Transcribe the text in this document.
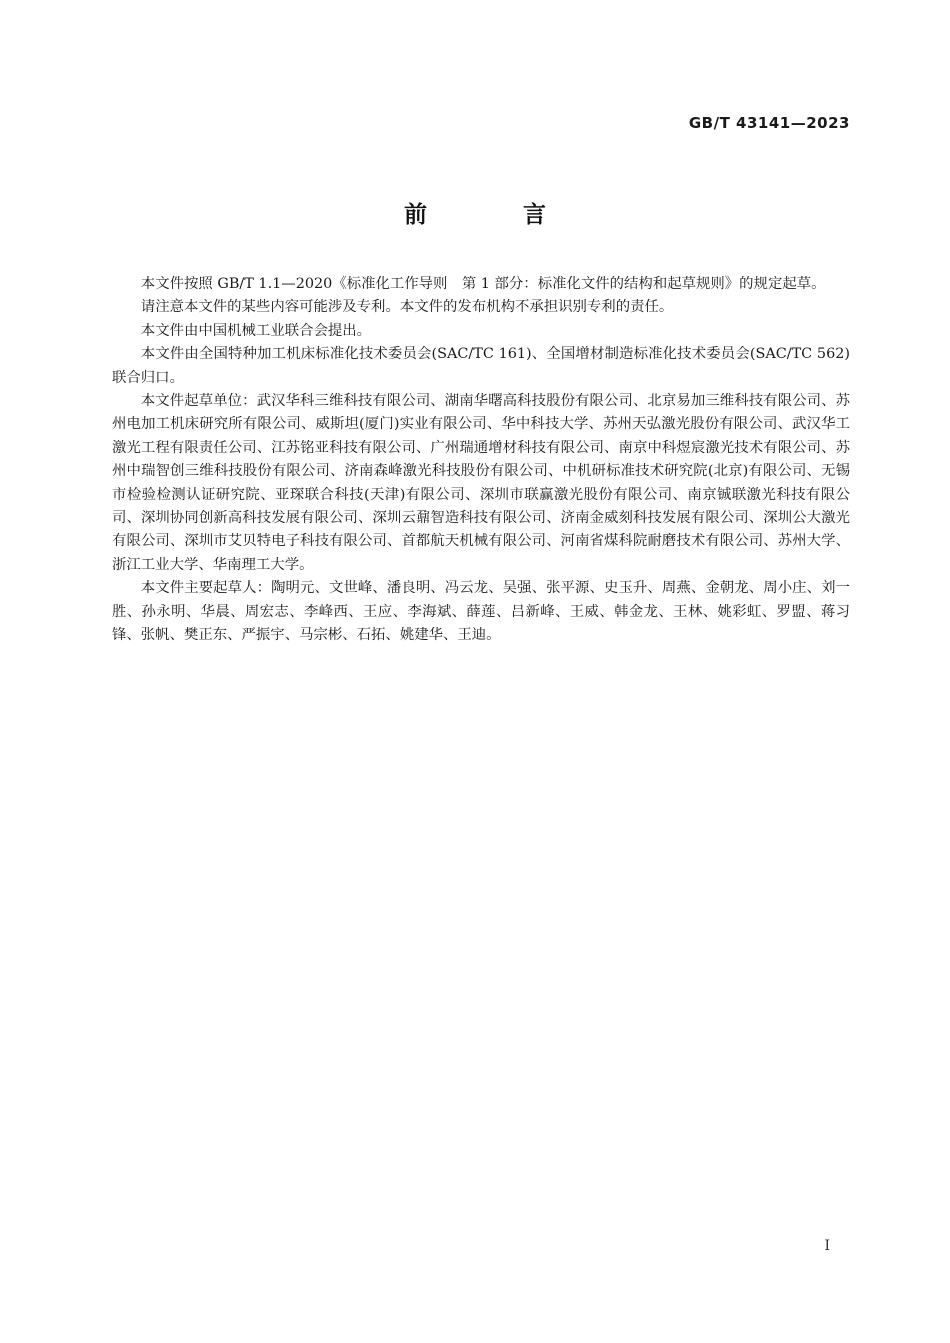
GB/T 43141—2023
前 言

本文件按照 GB/T 1.1—2020《标准化工作导则　第 1 部分：标准化文件的结构和起草规则》的规定起草。

请注意本文件的某些内容可能涉及专利。本文件的发布机构不承担识别专利的责任。

本文件由中国机械工业联合会提出。

本文件由全国特种加工机床标准化技术委员会(SAC/TC 161)、全国增材制造标准化技术委员会(SAC/TC 562)联合归口。

本文件起草单位：武汉华科三维科技有限公司、湖南华曙高科技股份有限公司、北京易加三维科技有限公司、苏州电加工机床研究所有限公司、威斯坦(厦门)实业有限公司、华中科技大学、苏州天弘激光股份有限公司、武汉华工激光工程有限责任公司、江苏铭亚科技有限公司、广州瑞通增材科技有限公司、南京中科煜宸激光技术有限公司、苏州中瑞智创三维科技股份有限公司、济南森峰激光科技股份有限公司、中机研标准技术研究院(北京)有限公司、无锡市检验检测认证研究院、亚琛联合科技(天津)有限公司、深圳市联赢激光股份有限公司、南京铖联激光科技有限公司、深圳协同创新高科技发展有限公司、深圳云鼐智造科技有限公司、济南金威刻科技发展有限公司、深圳公大激光有限公司、深圳市艾贝特电子科技有限公司、首都航天机械有限公司、河南省煤科院耐磨技术有限公司、苏州大学、浙江工业大学、华南理工大学。

本文件主要起草人：陶明元、文世峰、潘良明、冯云龙、吴强、张平源、史玉升、周燕、金朝龙、周小庄、刘一胜、孙永明、华晨、周宏志、李峰西、王应、李海斌、薛莲、吕新峰、王威、韩金龙、王林、姚彩虹、罗盟、蒋习锋、张帆、樊正东、严振宇、马宗彬、石拓、姚建华、王迪。

I
